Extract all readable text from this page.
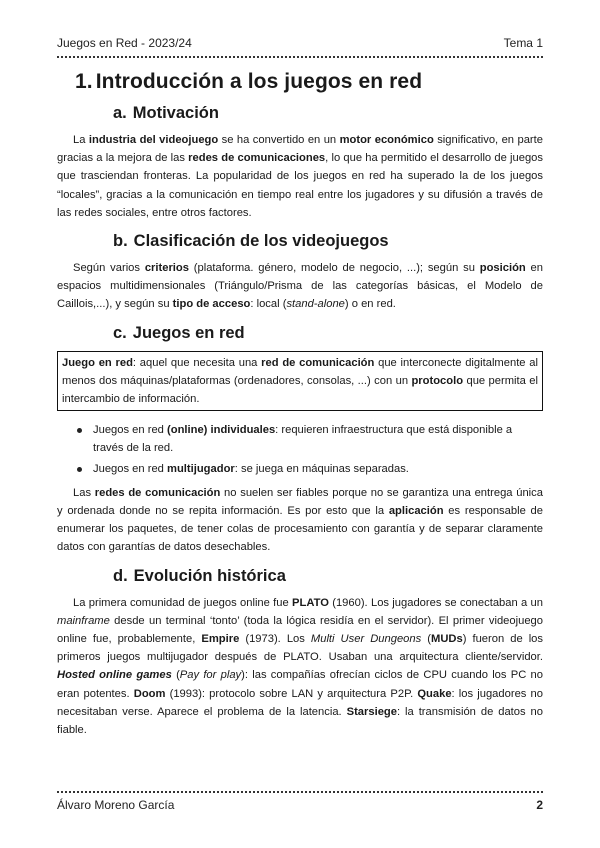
Juegos en Red - 2023/24	Tema 1
1. Introducción a los juegos en red
a. Motivación

La industria del videojuego se ha convertido en un motor económico significativo, en parte gracias a la mejora de las redes de comunicaciones, lo que ha permitido el desarrollo de juegos que trasciendan fronteras. La popularidad de los juegos en red ha superado la de los juegos “locales”, gracias a la comunicación en tiempo real entre los jugadores y su difusión a través de las redes sociales, entre otros factores.

b. Clasificación de los videojuegos

Según varios criterios (plataforma. género, modelo de negocio, ...); según su posición en espacios multidimensionales (Triángulo/Prisma de las categorías básicas, el Modelo de Caillois,...), y según su tipo de acceso: local (stand-alone) o en red.

c. Juegos en red

Juego en red: aquel que necesita una red de comunicación que interconecte digitalmente al menos dos máquinas/plataformas (ordenadores, consolas, ...) con un protocolo que permita el intercambio de información.

Juegos en red (online) individuales: requieren infraestructura que está disponible a través de la red.
Juegos en red multijugador: se juega en máquinas separadas.

Las redes de comunicación no suelen ser fiables porque no se garantiza una entrega única y ordenada donde no se repita información. Es por esto que la aplicación es responsable de enumerar los paquetes, de tener colas de procesamiento con garantía y de separar claramente datos con garantías de datos desechables.

d. Evolución histórica

La primera comunidad de juegos online fue PLATO (1960). Los jugadores se conectaban a un mainframe desde un terminal ‘tonto’ (toda la lógica residía en el servidor). El primer videojuego online fue, probablemente, Empire (1973). Los Multi User Dungeons (MUDs) fueron de los primeros juegos multijugador después de PLATO. Usaban una arquitectura cliente/servidor. Hosted online games (Pay for play): las compañías ofrecían ciclos de CPU cuando los PC no eran potentes. Doom (1993): protocolo sobre LAN y arquitectura P2P. Quake: los jugadores no necesitaban verse. Aparece el problema de la latencia. Starsiege: la transmisión de datos no fiable.

Álvaro Moreno García	2
